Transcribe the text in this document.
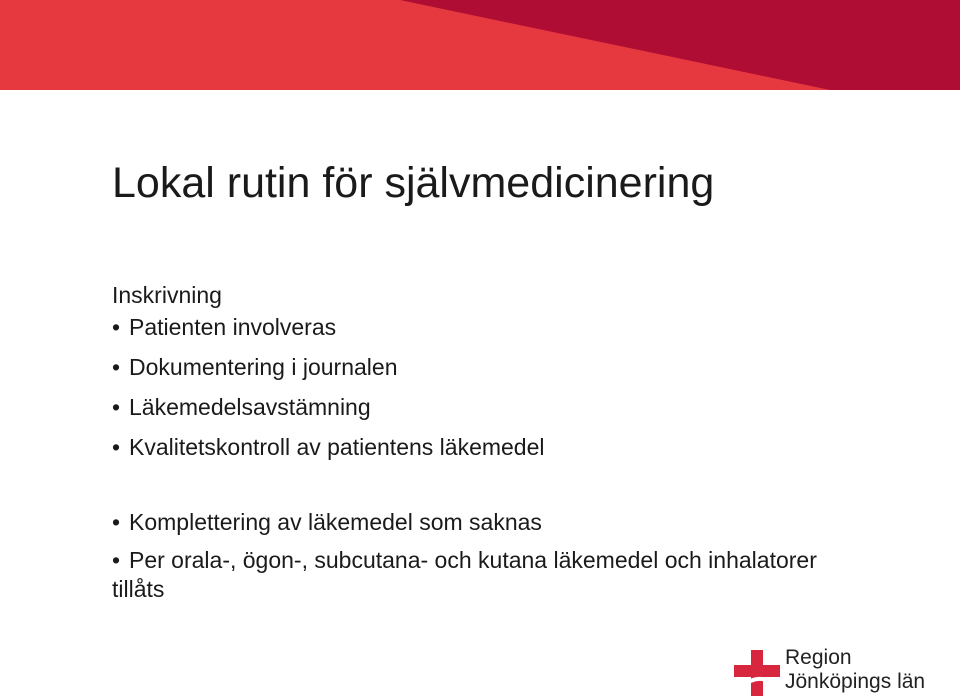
Lokal rutin för självmedicinering
Inskrivning
• Patienten involveras
• Dokumentering i journalen
• Läkemedelsavstämning
• Kvalitetskontroll av patientens läkemedel
• Komplettering av läkemedel som saknas
• Per orala-, ögon-, subcutana- och kutana läkemedel och inhalatorer tillåts
Region
Jönköpings län
